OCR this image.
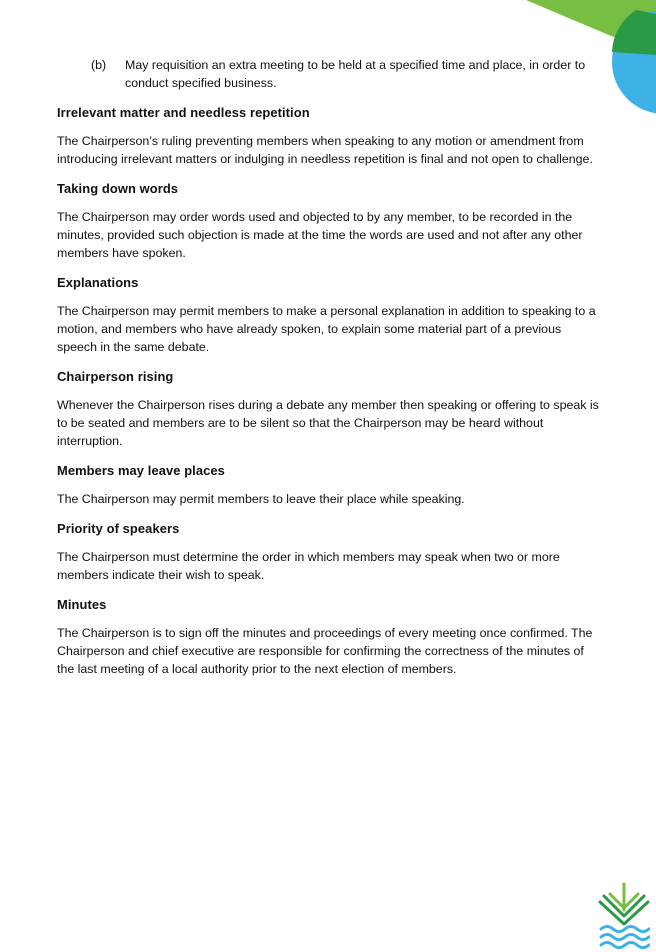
(b)	May requisition an extra meeting to be held at a specified time and place, in order to conduct specified business.
Irrelevant matter and needless repetition

The Chairperson’s ruling preventing members when speaking to any motion or amendment from introducing irrelevant matters or indulging in needless repetition is final and not open to challenge.

Taking down words

The Chairperson may order words used and objected to by any member, to be recorded in the minutes, provided such objection is made at the time the words are used and not after any other members have spoken.

Explanations

The Chairperson may permit members to make a personal explanation in addition to speaking to a motion, and members who have already spoken, to explain some material part of a previous speech in the same debate.

Chairperson rising

Whenever the Chairperson rises during a debate any member then speaking or offering to speak is to be seated and members are to be silent so that the Chairperson may be heard without interruption.

Members may leave places

The Chairperson may permit members to leave their place while speaking.

Priority of speakers

The Chairperson must determine the order in which members may speak when two or more members indicate their wish to speak.

Minutes

The Chairperson is to sign off the minutes and proceedings of every meeting once confirmed. The Chairperson and chief executive are responsible for confirming the correctness of the minutes of the last meeting of a local authority prior to the next election of members.
